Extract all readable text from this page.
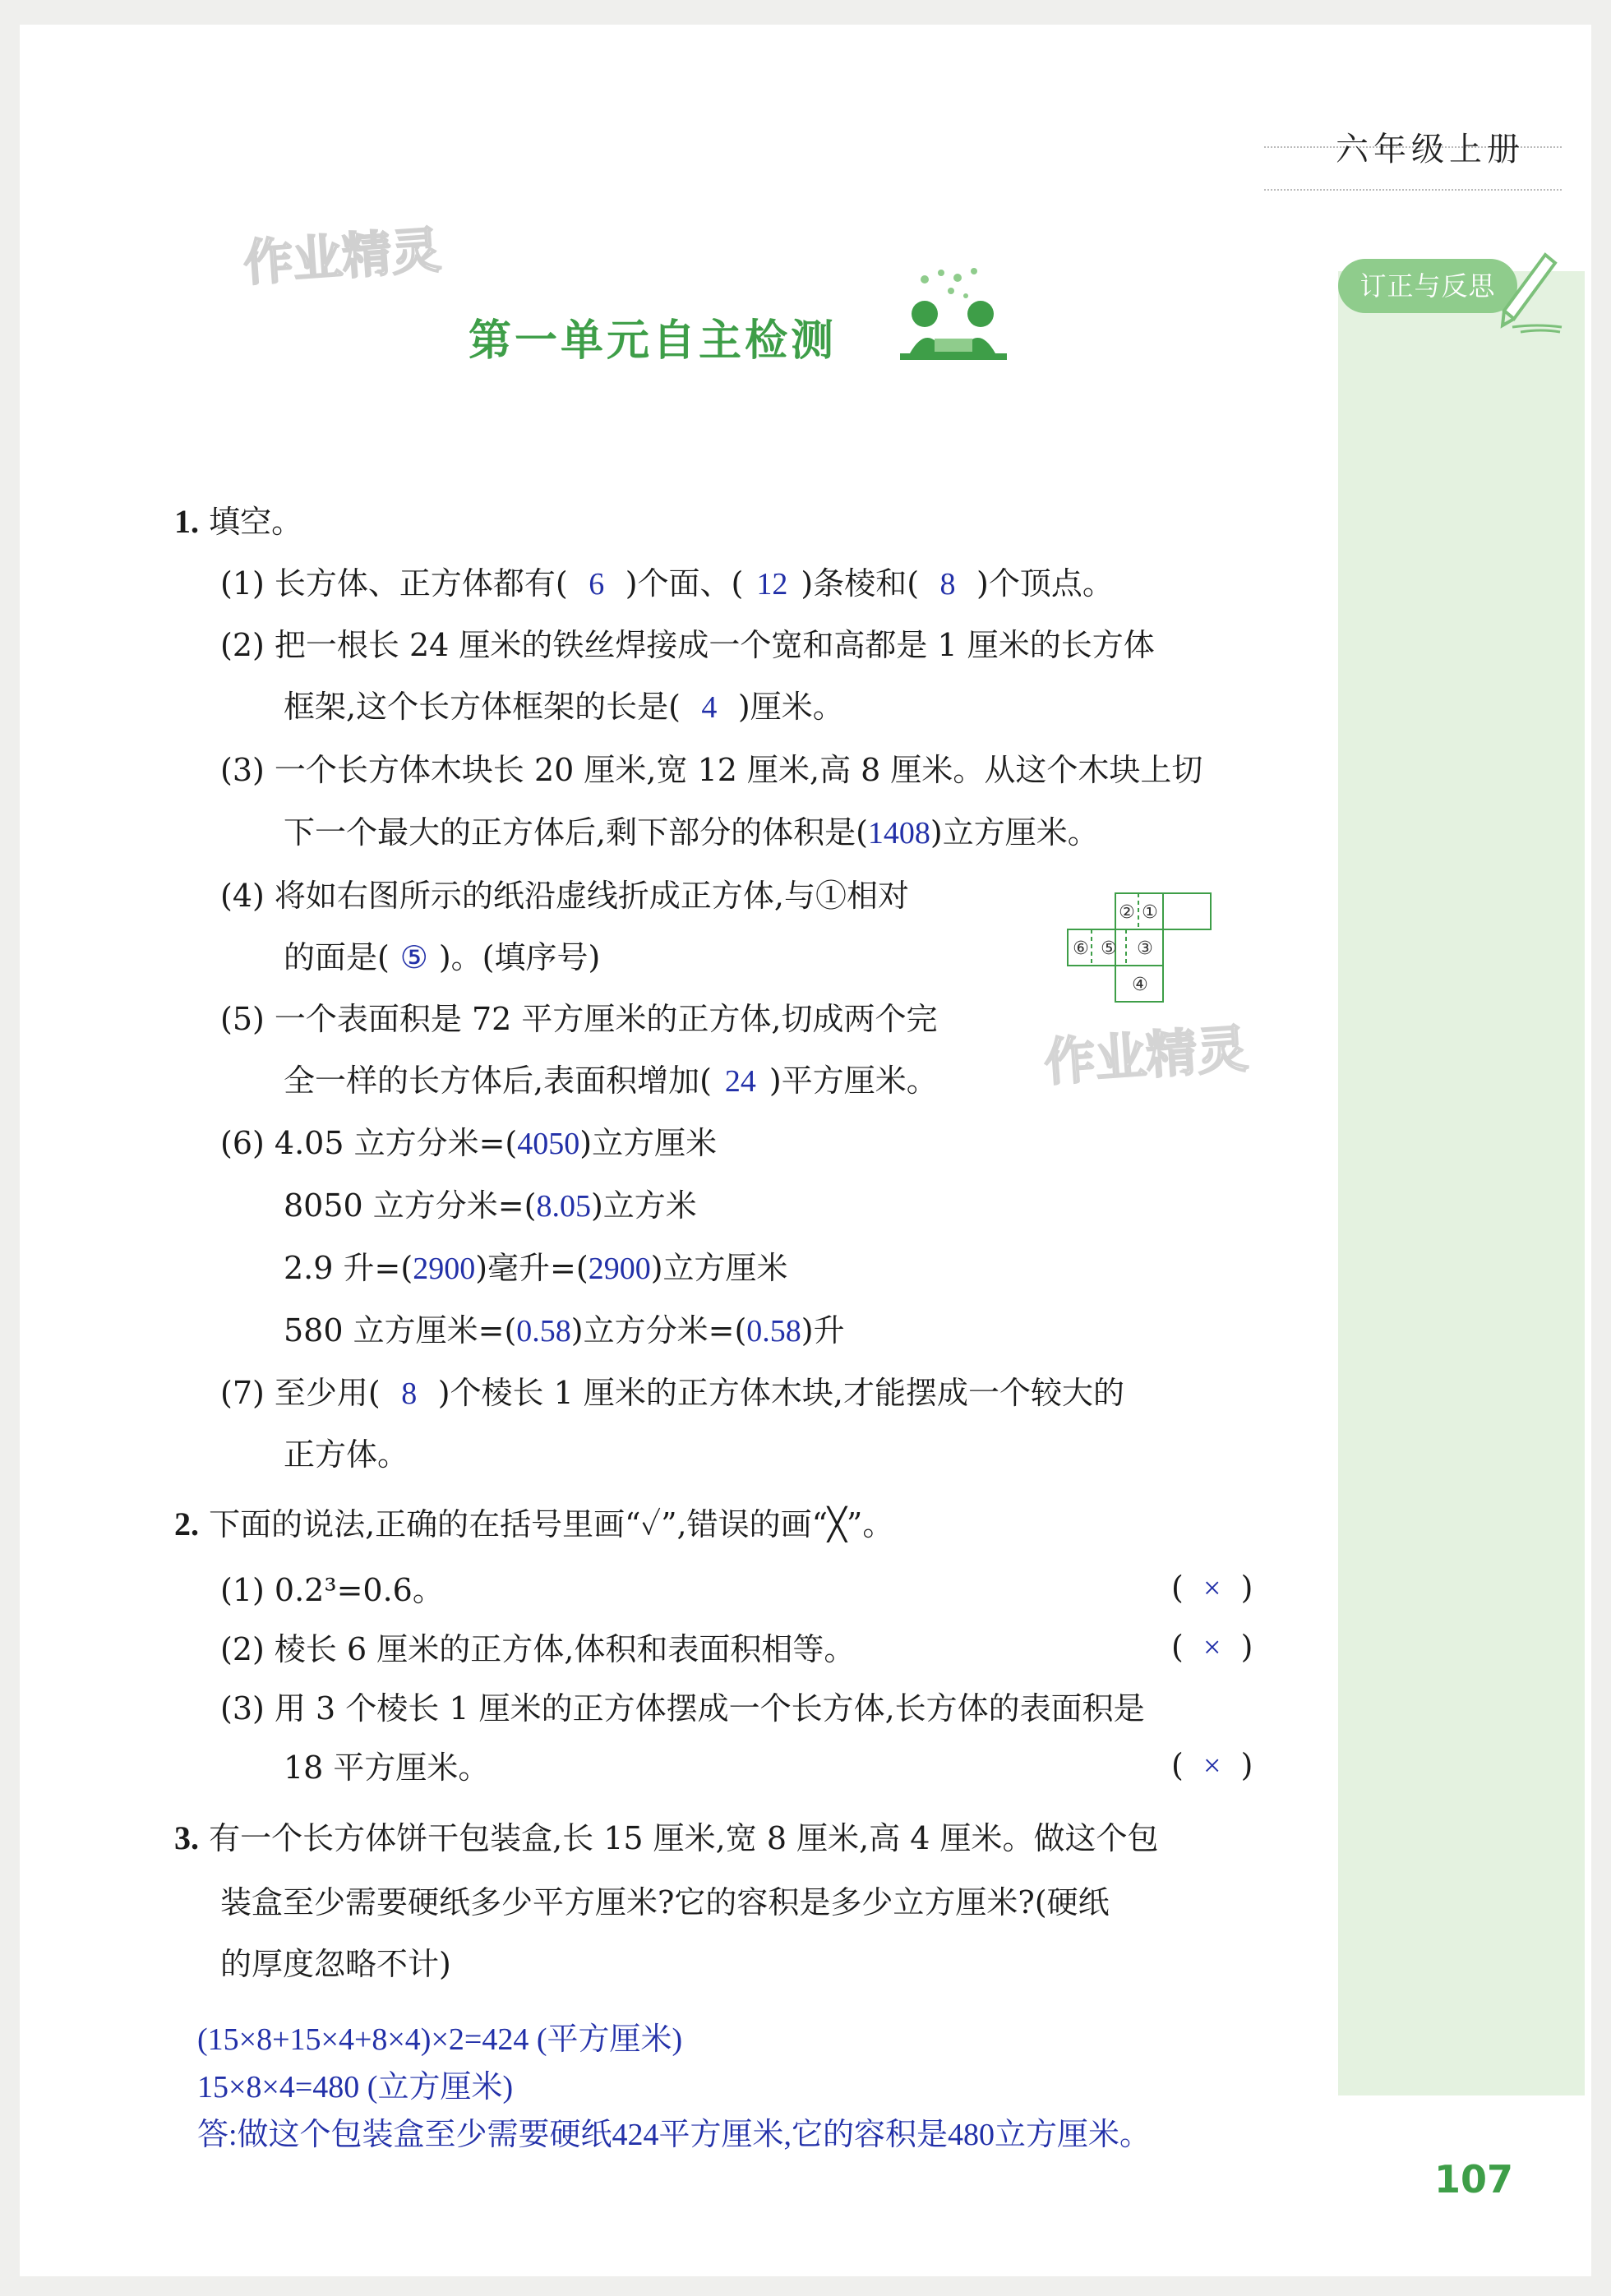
订正与反思
六年级上册
作业精灵
第一单元自主检测
1. 填空。
(1) 长方体、正方体都有( 6 )个面、( 12 )条棱和( 8 )个顶点。
(2) 把一根长 24 厘米的铁丝焊接成一个宽和高都是 1 厘米的长方体
框架,这个长方体框架的长是( 4 )厘米。
(3) 一个长方体木块长 20 厘米,宽 12 厘米,高 8 厘米。从这个木块上切
下一个最大的正方体后,剩下部分的体积是(1408)立方厘米。
(4) 将如右图所示的纸沿虚线折成正方体,与①相对
的面是( ⑤ )。(填序号)
② ①
⑥ ⑤ ③
④
(5) 一个表面积是 72 平方厘米的正方体,切成两个完 作业精灵
全一样的长方体后,表面积增加( 24 )平方厘米。
(6) 4.05 立方分米=(4050)立方厘米
8050 立方分米=(8.05)立方米
2.9 升=(2900)毫升=(2900)立方厘米
580 立方厘米=(0.58)立方分米=(0.58)升
(7) 至少用( 8 )个棱长 1 厘米的正方体木块,才能摆成一个较大的
正方体。
2. 下面的说法,正确的在括号里画“✓”,错误的画“╳”。
(1) 0.2³=0.6。	(  ×  )
(2) 棱长 6 厘米的正方体,体积和表面积相等。	(  ×  )
(3) 用 3 个棱长 1 厘米的正方体摆成一个长方体,长方体的表面积是
18 平方厘米。	(  ×  )
3. 有一个长方体饼干包装盒,长 15 厘米,宽 8 厘米,高 4 厘米。做这个包
装盒至少需要硬纸多少平方厘米?它的容积是多少立方厘米?(硬纸
的厚度忽略不计)
(15×8+15×4+8×4)×2=424 (平方厘米)
15×8×4=480 (立方厘米)
答:做这个包装盒至少需要硬纸424平方厘米,它的容积是480立方厘米。
107
